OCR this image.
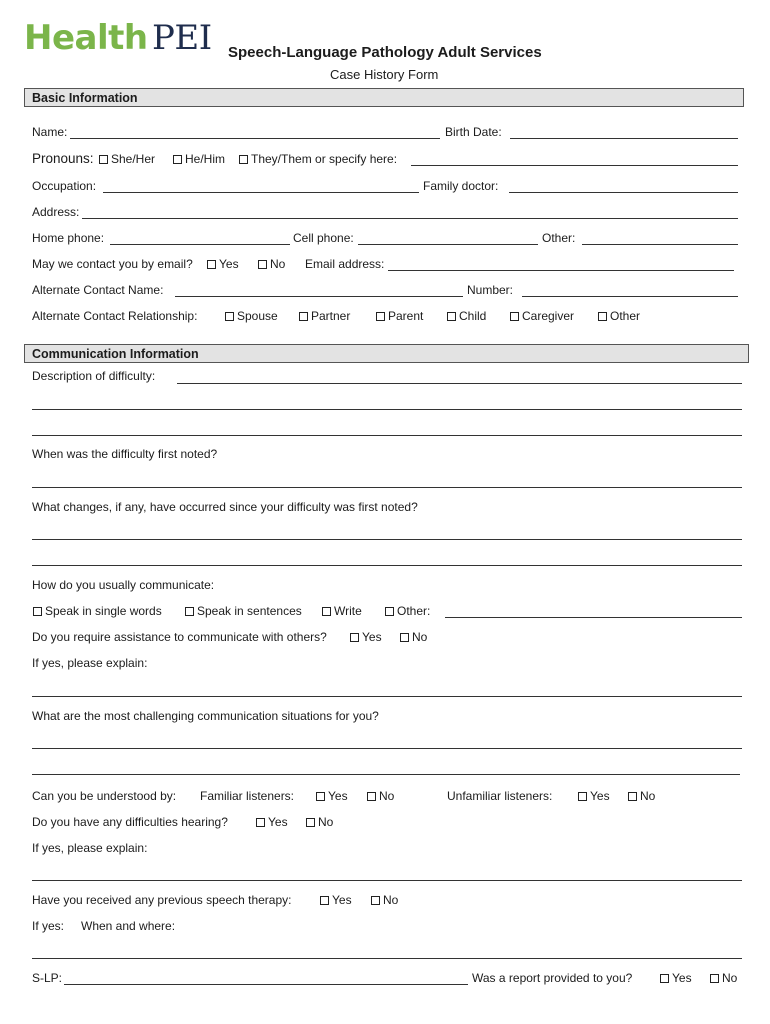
Health PEI Speech-Language Pathology Adult Services
Case History Form
Basic Information
Name:	Birth Date:
Pronouns:	She/Her	He/Him	They/Them or specify here:
Occupation:	Family doctor:
Address:
Home phone:	Cell phone:	Other:
May we contact you by email?	Yes	No Email address:
Alternate Contact Name:	Number:
Alternate Contact Relationship:	Spouse	Partner	Parent	Child	Caregiver	Other
Communication Information
Description of difficulty:
When was the difficulty first noted?
What changes, if any, have occurred since your difficulty was first noted?
How do you usually communicate:
Speak in single words	Speak in sentences	Write	Other:
Do you require assistance to communicate with others?	Yes	No
If yes, please explain:
What are the most challenging communication situations for you?
Can you be understood by: Familiar listeners:	Yes	No	Unfamiliar listeners:	Yes	No
Do you have any difficulties hearing?	Yes	No
If yes, please explain:
Have you received any previous speech therapy:	Yes	No
If yes: When and where:
S-LP:	Was a report provided to you?	Yes	No
